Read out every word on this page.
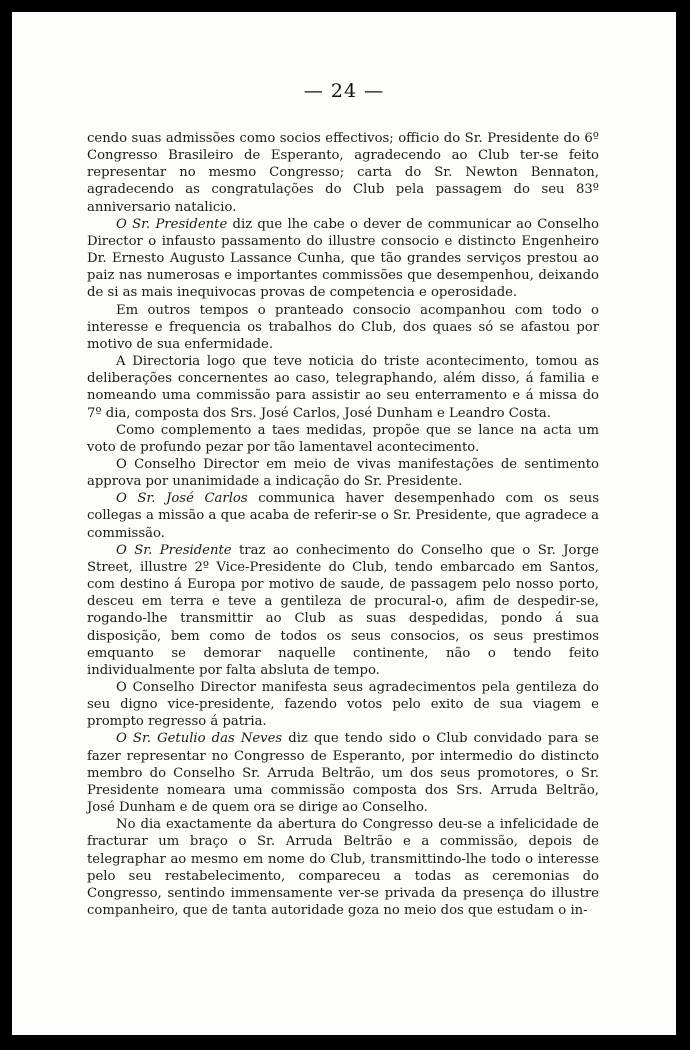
— 24 —

cendo suas admissões como socios effectivos; officio do Sr. Presidente do 6º Congresso Brasileiro de Esperanto, agradecendo ao Club ter-se feito representar no mesmo Congresso; carta do Sr. Newton Bennaton, agradecendo as congratulações do Club pela passagem do seu 83º anniversario natalicio.

O Sr. Presidente diz que lhe cabe o dever de communicar ao Conselho Director o infausto passamento do illustre consocio e distincto Engenheiro Dr. Ernesto Augusto Lassance Cunha, que tão grandes serviços prestou ao paiz nas numerosas e importantes commissões que desempenhou, deixando de si as mais inequivocas provas de competencia e operosidade.

Em outros tempos o pranteado consocio acompanhou com todo o interesse e frequencia os trabalhos do Club, dos quaes só se afastou por motivo de sua enfermidade.

A Directoria logo que teve noticia do triste acontecimento, tomou as deliberações concernentes ao caso, telegraphando, além disso, á familia e nomeando uma commissão para assistir ao seu enterramento e á missa do 7º dia, composta dos Srs. José Carlos, José Dunham e Leandro Costa.

Como complemento a taes medidas, propõe que se lance na acta um voto de profundo pezar por tão lamentavel acontecimento.

O Conselho Director em meio de vivas manifestações de sentimento approva por unanimidade a indicação do Sr. Presidente.

O Sr. José Carlos communica haver desempenhado com os seus collegas a missão a que acaba de referir-se o Sr. Presidente, que agradece a commissão.

O Sr. Presidente traz ao conhecimento do Conselho que o Sr. Jorge Street, illustre 2º Vice-Presidente do Club, tendo embarcado em Santos, com destino á Europa por motivo de saude, de passagem pelo nosso porto, desceu em terra e teve a gentileza de procural-o, afim de despedir-se, rogando-lhe transmittir ao Club as suas despedidas, pondo á sua disposição, bem como de todos os seus consocios, os seus prestimos emquanto se demorar naquelle continente, não o tendo feito individualmente por falta absluta de tempo.

O Conselho Director manifesta seus agradecimentos pela gentileza do seu digno vice-presidente, fazendo votos pelo exito de sua viagem e prompto regresso á patria.

O Sr. Getulio das Neves diz que tendo sido o Club convidado para se fazer representar no Congresso de Esperanto, por intermedio do distincto membro do Conselho Sr. Arruda Beltrão, um dos seus promotores, o Sr. Presidente nomeara uma commissão composta dos Srs. Arruda Beltrão, José Dunham e de quem ora se dirige ao Conselho.

No dia exactamente da abertura do Congresso deu-se a infelicidade de fracturar um braço o Sr. Arruda Beltrão e a commissão, depois de telegraphar ao mesmo em nome do Club, transmittindo-lhe todo o interesse pelo seu restabelecimento, compareceu a todas as ceremonias do Congresso, sentindo immensamente ver-se privada da presença do illustre companheiro, que de tanta autoridade goza no meio dos que estudam o in-
